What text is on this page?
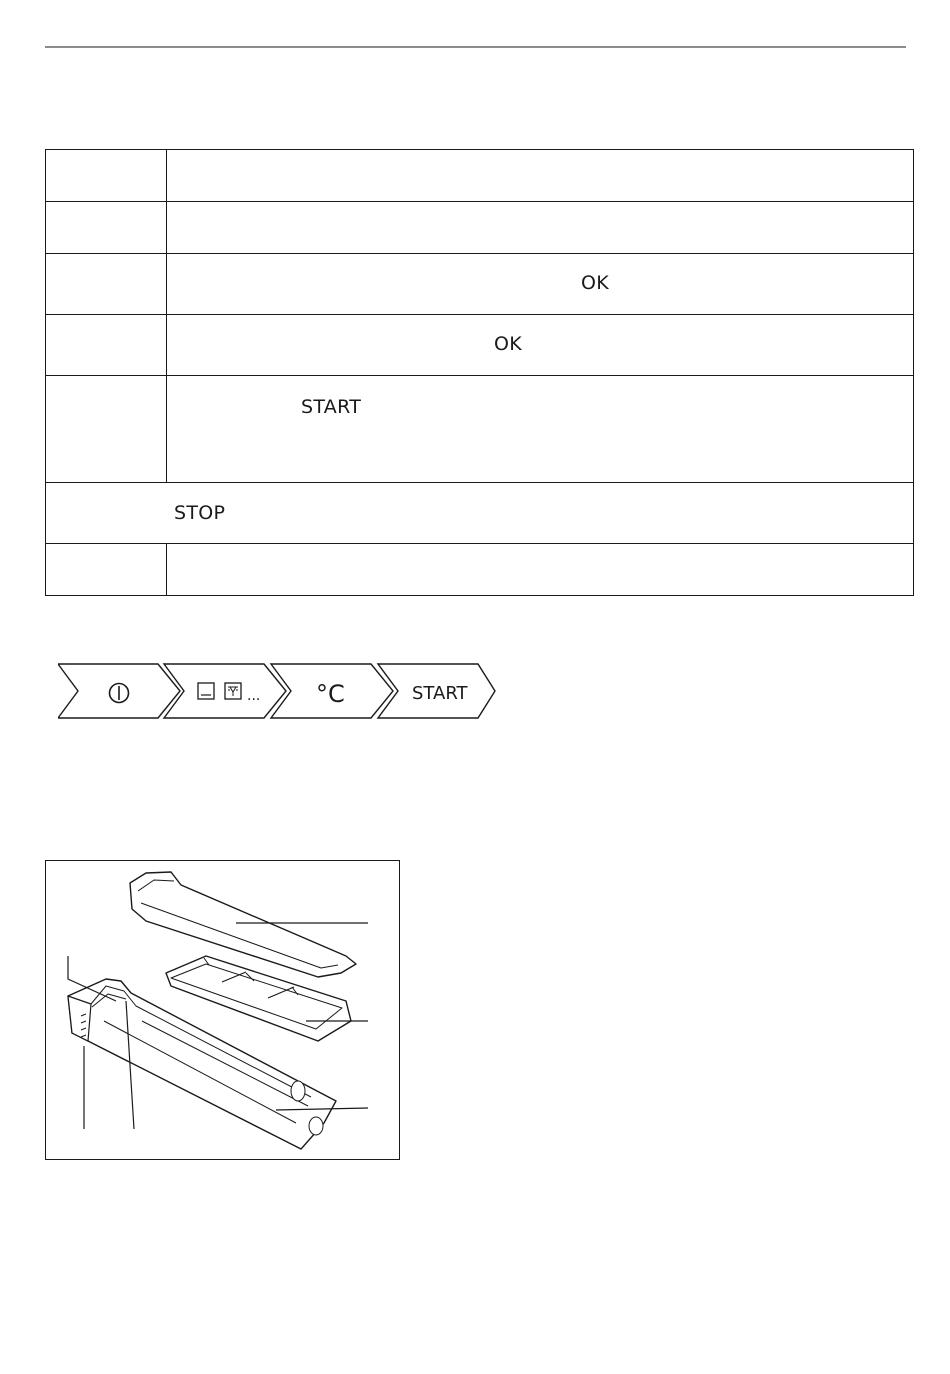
	OK

	OK

	START

STOP	

... °C	START
